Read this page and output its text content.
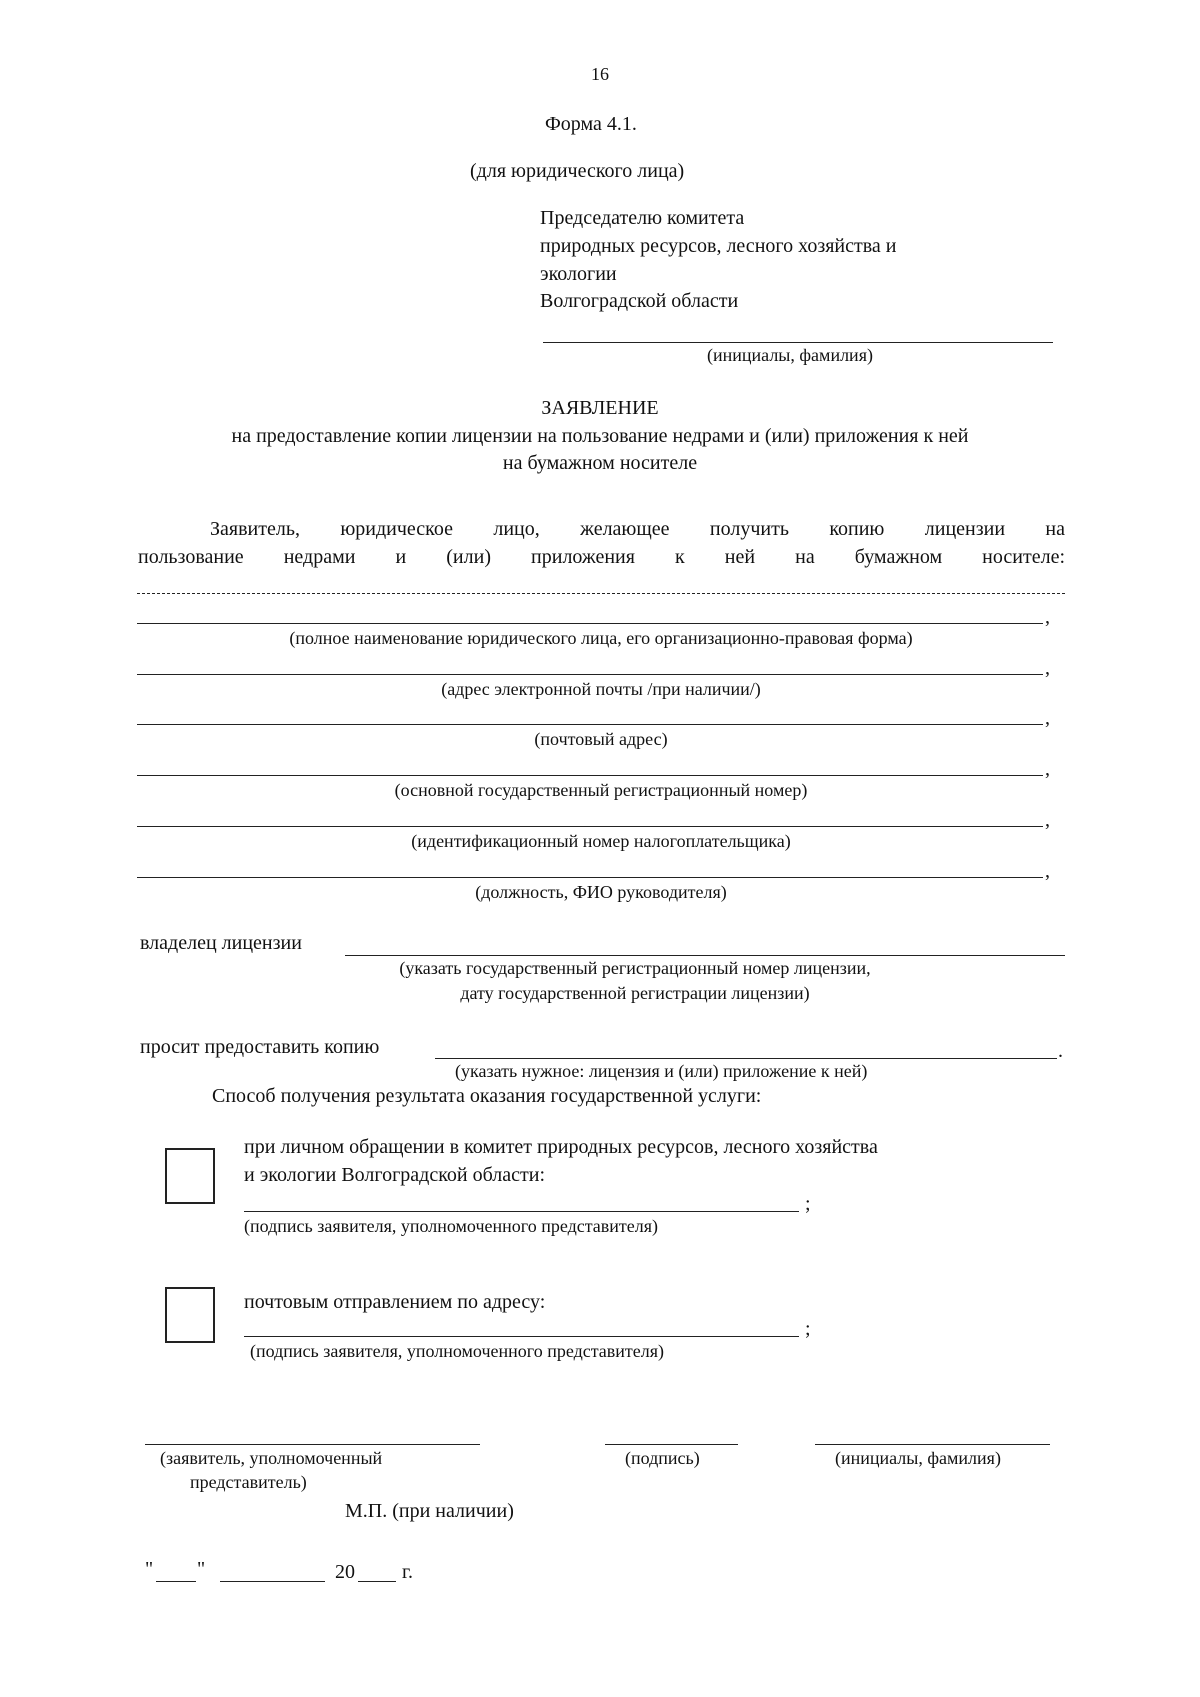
16
Форма 4.1.
(для юридического лица)
Председателю комитета
природных ресурсов, лесного хозяйства и
экологии
Волгоградской области
(инициалы, фамилия)
ЗАЯВЛЕНИЕ
на предоставление копии лицензии на пользование недрами и (или) приложения к ней
на бумажном носителе
Заявитель, юридическое лицо, желающее получить копию лицензии на
пользование недрами и (или) приложения к ней на бумажном носителе:
,
(полное наименование юридического лица, его организационно-правовая форма)
,
(адрес электронной почты /при наличии/)
,
(почтовый адрес)
,
(основной государственный регистрационный номер)
,
(идентификационный номер налогоплательщика)
,
(должность, ФИО руководителя)
владелец лицензии
(указать государственный регистрационный номер лицензии,
дату государственной регистрации лицензии)
просит предоставить копию	.
(указать нужное: лицензия и (или) приложение к ней)
Способ получения результата оказания государственной услуги:
при личном обращении в комитет природных ресурсов, лесного хозяйства
и экологии Волгоградской области:
;
(подпись заявителя, уполномоченного представителя)
почтовым отправлением по адресу:
;
(подпись заявителя, уполномоченного представителя)
(заявитель, уполномоченный
представитель)
(подпись)	(инициалы, фамилия)
М.П. (при наличии)
" "	20 г.
